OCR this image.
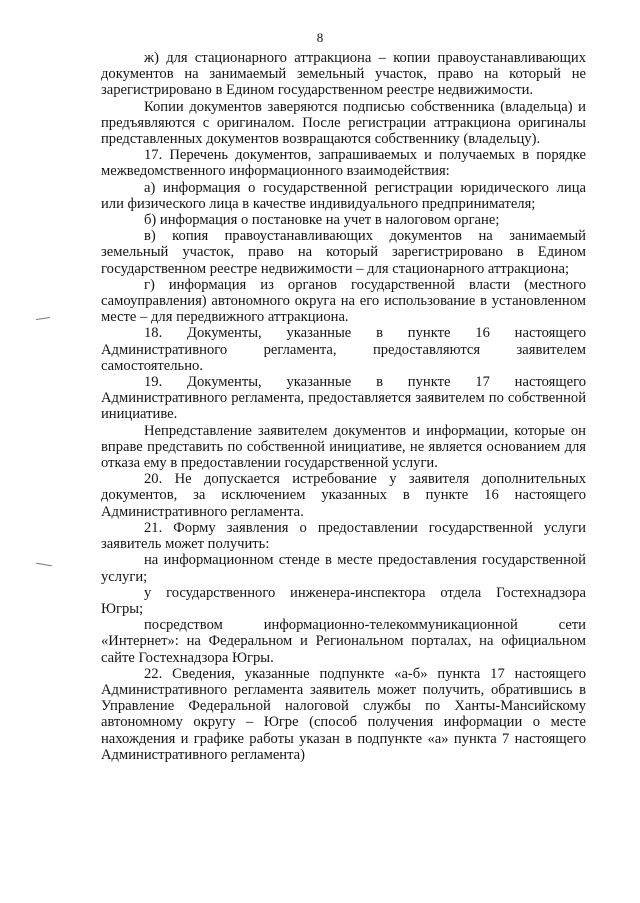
8

ж) для стационарного аттракциона – копии правоустанавливающих документов на занимаемый земельный участок, право на который не зарегистрировано в Едином государственном реестре недвижимости.

Копии документов заверяются подписью собственника (владельца) и предъявляются с оригиналом. После регистрации аттракциона оригиналы представленных документов возвращаются собственнику (владельцу).

17. Перечень документов, запрашиваемых и получаемых в порядке межведомственного информационного взаимодействия:

а) информация о государственной регистрации юридического лица или физического лица в качестве индивидуального предпринимателя;

б) информация о постановке на учет в налоговом органе;

в) копия правоустанавливающих документов на занимаемый земельный участок, право на который зарегистрировано в Едином государственном реестре недвижимости – для стационарного аттракциона;

г) информация из органов государственной власти (местного самоуправления) автономного округа на его использование в установленном месте – для передвижного аттракциона.

18. Документы, указанные в пункте 16 настоящего Административного регламента, предоставляются заявителем самостоятельно.

19. Документы, указанные в пункте 17 настоящего Административного регламента, предоставляется заявителем по собственной инициативе.

Непредставление заявителем документов и информации, которые он вправе представить по собственной инициативе, не является основанием для отказа ему в предоставлении государственной услуги.

20. Не допускается истребование у заявителя дополнительных документов, за исключением указанных в пункте 16 настоящего Административного регламента.

21. Форму заявления о предоставлении государственной услуги заявитель может получить:

на информационном стенде в месте предоставления государственной услуги;

у государственного инженера-инспектора отдела Гостехнадзора Югры;

посредством информационно-телекоммуникационной сети «Интернет»: на Федеральном и Региональном порталах, на официальном сайте Гостехнадзора Югры.

22. Сведения, указанные подпункте «а-б» пункта 17 настоящего Административного регламента заявитель может получить, обратившись в Управление Федеральной налоговой службы по Ханты-Мансийскому автономному округу – Югре (способ получения информации о месте нахождения и графике работы указан в подпункте «а» пункта 7 настоящего Административного регламента)
